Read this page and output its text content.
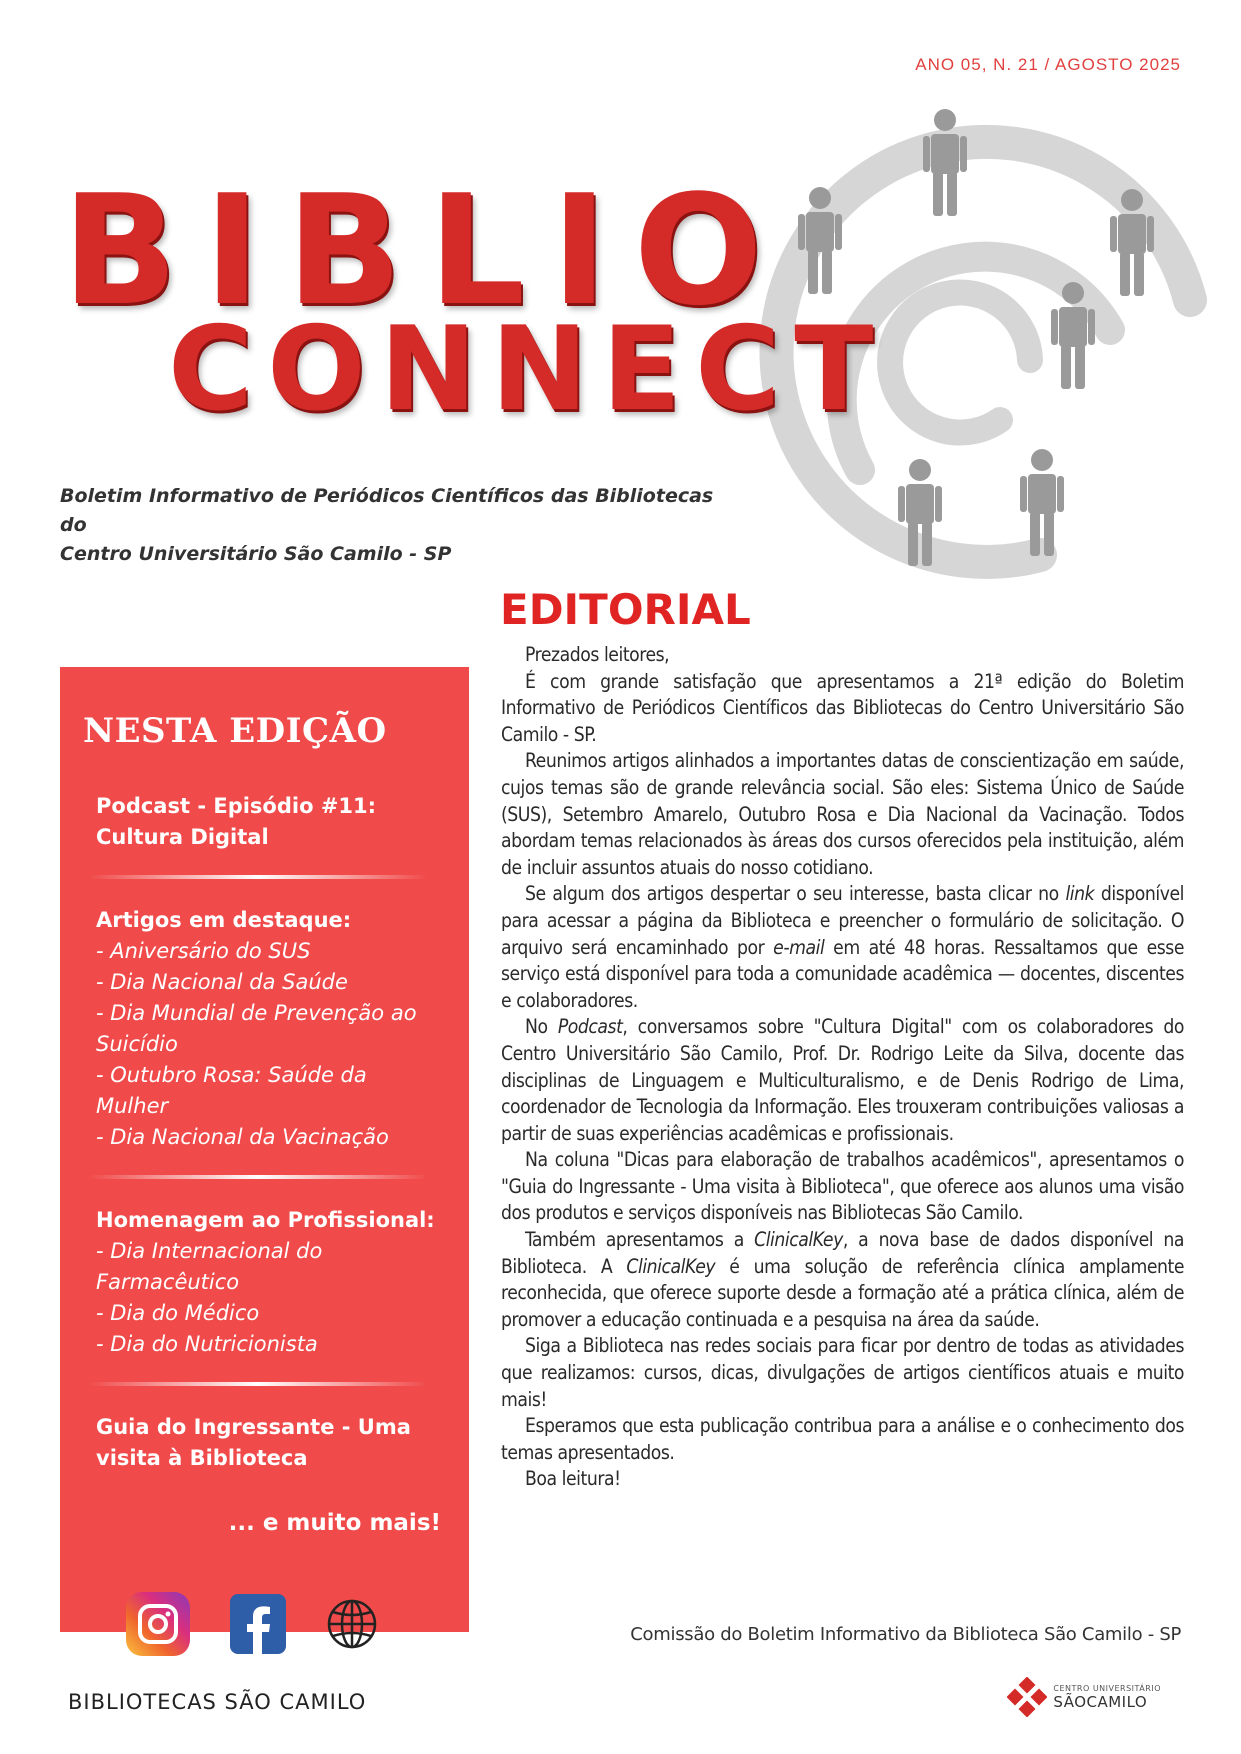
ANO 05, N. 21 / AGOSTO 2025
BIBLIO
CONNECT
Boletim Informativo de Periódicos Científicos das Bibliotecas do
Centro Universitário São Camilo - SP
NESTA EDIÇÃO
Podcast - Episódio #11:
Cultura Digital
Artigos em destaque:
- Aniversário do SUS
- Dia Nacional da Saúde
- Dia Mundial de Prevenção ao Suicídio
- Outubro Rosa: Saúde da Mulher
- Dia Nacional da Vacinação
Homenagem ao Profissional:
- Dia Internacional do Farmacêutico
- Dia do Médico
- Dia do Nutricionista
Guia do Ingressante - Uma visita à Biblioteca
... e muito mais!
EDITORIAL

Prezados leitores,

É com grande satisfação que apresentamos a 21ª edição do Boletim Informativo de Periódicos Científicos das Bibliotecas do Centro Universitário São Camilo - SP.

Reunimos artigos alinhados a importantes datas de conscientização em saúde, cujos temas são de grande relevância social. São eles: Sistema Único de Saúde (SUS), Setembro Amarelo, Outubro Rosa e Dia Nacional da Vacinação. Todos abordam temas relacionados às áreas dos cursos oferecidos pela instituição, além de incluir assuntos atuais do nosso cotidiano.

Se algum dos artigos despertar o seu interesse, basta clicar no link disponível para acessar a página da Biblioteca e preencher o formulário de solicitação. O arquivo será encaminhado por e-mail em até 48 horas. Ressaltamos que esse serviço está disponível para toda a comunidade acadêmica — docentes, discentes e colaboradores.

No Podcast, conversamos sobre "Cultura Digital" com os colaboradores do Centro Universitário São Camilo, Prof. Dr. Rodrigo Leite da Silva, docente das disciplinas de Linguagem e Multiculturalismo, e de Denis Rodrigo de Lima, coordenador de Tecnologia da Informação. Eles trouxeram contribuições valiosas a partir de suas experiências acadêmicas e profissionais.

Na coluna "Dicas para elaboração de trabalhos acadêmicos", apresentamos o "Guia do Ingressante - Uma visita à Biblioteca", que oferece aos alunos uma visão dos produtos e serviços disponíveis nas Bibliotecas São Camilo.

Também apresentamos a ClinicalKey, a nova base de dados disponível na Biblioteca. A ClinicalKey é uma solução de referência clínica amplamente reconhecida, que oferece suporte desde a formação até a prática clínica, além de promover a educação continuada e a pesquisa na área da saúde.

Siga a Biblioteca nas redes sociais para ficar por dentro de todas as atividades que realizamos: cursos, dicas, divulgações de artigos científicos atuais e muito mais!

Esperamos que esta publicação contribua para a análise e o conhecimento dos temas apresentados.

Boa leitura!

Comissão do Boletim Informativo da Biblioteca São Camilo - SP
BIBLIOTECAS SÃO CAMILO
CENTRO UNIVERSITÁRIO
SÃOCAMILO
